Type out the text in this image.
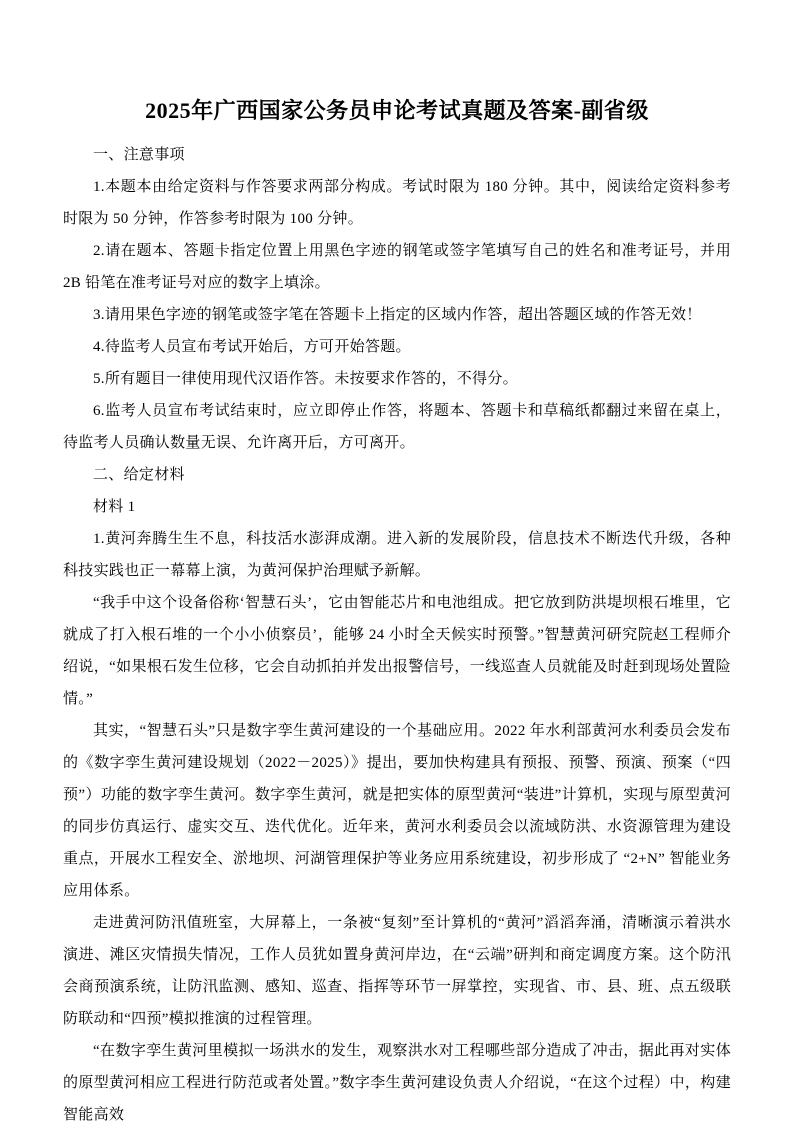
2025年广西国家公务员申论考试真题及答案-副省级

一、注意事项

1.本题本由给定资料与作答要求两部分构成。考试时限为 180 分钟。其中，阅读给定资料参考时限为 50 分钟，作答参考时限为 100 分钟。

2.请在题本、答题卡指定位置上用黑色字迹的钢笔或签字笔填写自己的姓名和准考证号，并用 2B 铅笔在准考证号对应的数字上填涂。

3.请用果色字迹的钢笔或签字笔在答题卡上指定的区域内作答，超出答题区域的作答无效！

4.待监考人员宣布考试开始后，方可开始答题。

5.所有题目一律使用现代汉语作答。未按要求作答的，不得分。

6.监考人员宣布考试结束时，应立即停止作答，将题本、答题卡和草稿纸都翻过来留在桌上，待监考人员确认数量无误、允许离开后，方可离开。

二、给定材料

材料 1

1.黄河奔腾生生不息，科技活水澎湃成潮。进入新的发展阶段，信息技术不断迭代升级，各种科技实践也正一幕幕上演，为黄河保护治理赋予新解。

“我手中这个设备俗称‘智慧石头’，它由智能芯片和电池组成。把它放到防洪堤坝根石堆里，它就成了打入根石堆的一个小小侦察员’，能够 24 小时全天候实时预警。”智慧黄河研究院赵工程师介绍说，“如果根石发生位移，它会自动抓拍并发出报警信号，一线巡查人员就能及时赶到现场处置险情。”

其实，“智慧石头”只是数字孪生黄河建设的一个基础应用。2022 年水利部黄河水利委员会发布的《数字孪生黄河建设规划（2022－2025）》提出，要加快构建具有预报、预警、预演、预案（“四预”）功能的数字孪生黄河。数字孪生黄河，就是把实体的原型黄河“装进”计算机，实现与原型黄河的同步仿真运行、虚实交互、迭代优化。近年来，黄河水利委员会以流域防洪、水资源管理为建设重点，开展水工程安全、淤地坝、河湖管理保护等业务应用系统建设，初步形成了 “2+N” 智能业务应用体系。

走进黄河防汛值班室，大屏幕上，一条被“复刻”至计算机的“黄河”滔滔奔涌，清晰演示着洪水演进、滩区灾情损失情况，工作人员犹如置身黄河岸边，在“云端”研判和商定调度方案。这个防汛会商预演系统，让防汛监测、感知、巡查、指挥等环节一屏掌控，实现省、市、县、班、点五级联防联动和“四预”模拟推演的过程管理。

“在数字孪生黄河里模拟一场洪水的发生，观察洪水对工程哪些部分造成了冲击，据此再对实体的原型黄河相应工程进行防范或者处置。”数字李生黄河建设负责人介绍说，“在这个过程）中，构建智能高效
